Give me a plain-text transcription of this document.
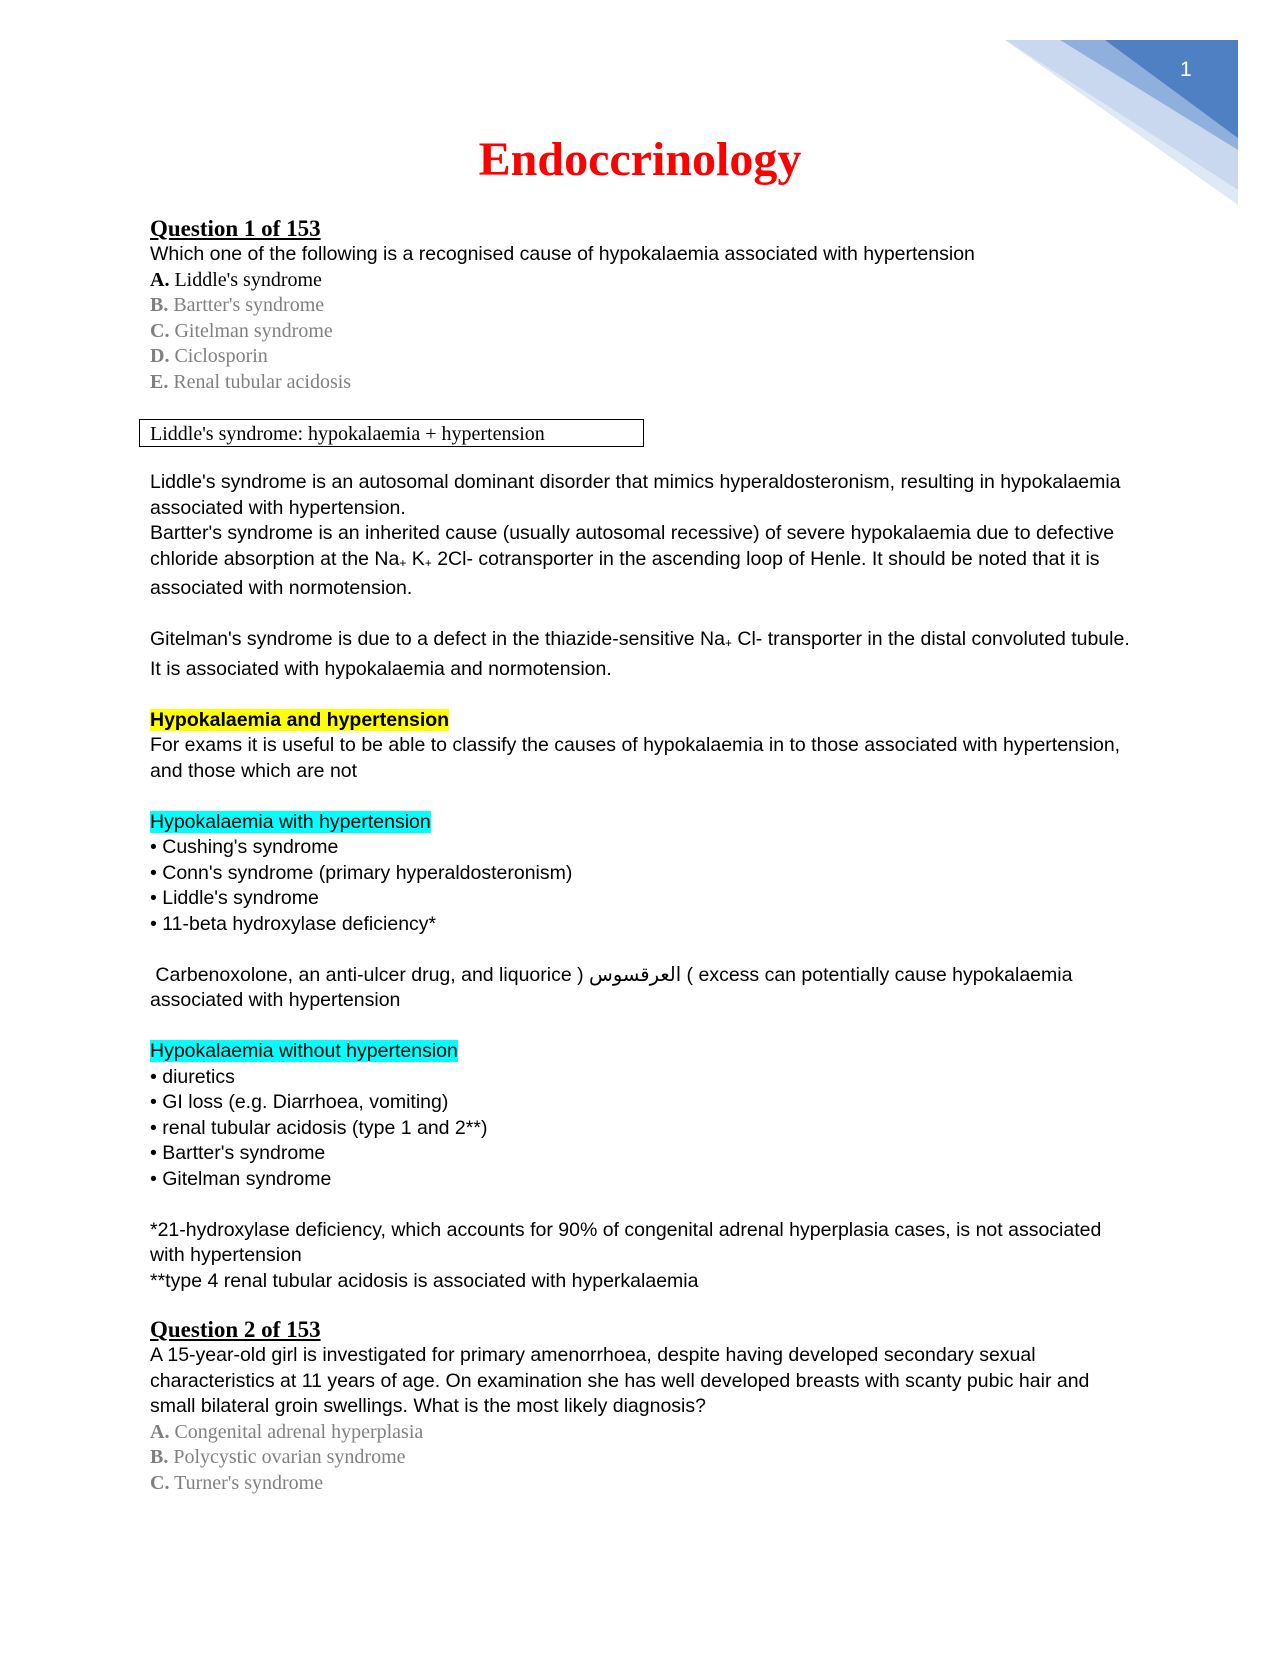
1
Endoccrinology

Question 1 of 153

Which one of the following is a recognised cause of hypokalaemia associated with hypertension

A. Liddle's syndrome

B. Bartter's syndrome

C. Gitelman syndrome

D. Ciclosporin

E. Renal tubular acidosis

Liddle's syndrome: hypokalaemia + hypertension

Liddle's syndrome is an autosomal dominant disorder that mimics hyperaldosteronism, resulting in hypokalaemia associated with hypertension.

Bartter's syndrome is an inherited cause (usually autosomal recessive) of severe hypokalaemia due to defective chloride absorption at the Na+ K+ 2Cl- cotransporter in the ascending loop of Henle. It should be noted that it is associated with normotension.

Gitelman's syndrome is due to a defect in the thiazide-sensitive Na+ Cl- transporter in the distal convoluted tubule. It is associated with hypokalaemia and normotension.

Hypokalaemia and hypertension

For exams it is useful to be able to classify the causes of hypokalaemia in to those associated with hypertension, and those which are not

Hypokalaemia with hypertension

• Cushing's syndrome

• Conn's syndrome (primary hyperaldosteronism)

• Liddle's syndrome

• 11-beta hydroxylase deficiency*

Carbenoxolone, an anti-ulcer drug, and liquorice ) العرقسوس ( excess can potentially cause hypokalaemia associated with hypertension

Hypokalaemia without hypertension

• diuretics

• GI loss (e.g. Diarrhoea, vomiting)

• renal tubular acidosis (type 1 and 2**)

• Bartter's syndrome

• Gitelman syndrome

*21-hydroxylase deficiency, which accounts for 90% of congenital adrenal hyperplasia cases, is not associated with hypertension

**type 4 renal tubular acidosis is associated with hyperkalaemia

Question 2 of 153

A 15-year-old girl is investigated for primary amenorrhoea, despite having developed secondary sexual characteristics at 11 years of age. On examination she has well developed breasts with scanty pubic hair and small bilateral groin swellings. What is the most likely diagnosis?

A. Congenital adrenal hyperplasia

B. Polycystic ovarian syndrome

C. Turner's syndrome
